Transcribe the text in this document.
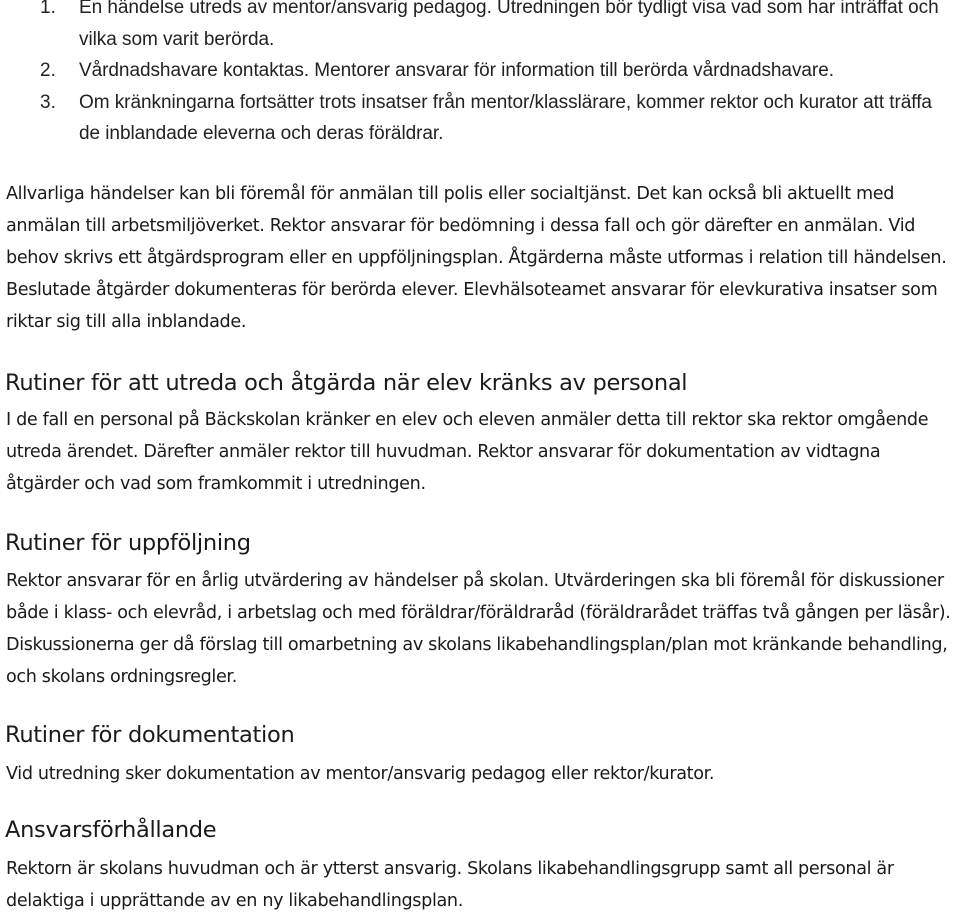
1. En händelse utreds av mentor/ansvarig pedagog. Utredningen bör tydligt visa vad som har inträffat och vilka som varit berörda.
2. Vårdnadshavare kontaktas. Mentorer ansvarar för information till berörda vårdnadshavare.
3. Om kränkningarna fortsätter trots insatser från mentor/klasslärare, kommer rektor och kurator att träffa de inblandade eleverna och deras föräldrar.

Allvarliga händelser kan bli föremål för anmälan till polis eller socialtjänst. Det kan också bli aktuellt med anmälan till arbetsmiljöverket. Rektor ansvarar för bedömning i dessa fall och gör därefter en anmälan. Vid behov skrivs ett åtgärdsprogram eller en uppföljningsplan. Åtgärderna måste utformas i relation till händelsen. Beslutade åtgärder dokumenteras för berörda elever. Elevhälsoteamet ansvarar för elevkurativa insatser som riktar sig till alla inblandade.

Rutiner för att utreda och åtgärda när elev kränks av personal

I de fall en personal på Bäckskolan kränker en elev och eleven anmäler detta till rektor ska rektor omgående utreda ärendet. Därefter anmäler rektor till huvudman. Rektor ansvarar för dokumentation av vidtagna åtgärder och vad som framkommit i utredningen.

Rutiner för uppföljning

Rektor ansvarar för en årlig utvärdering av händelser på skolan. Utvärderingen ska bli föremål för diskussioner både i klass- och elevråd, i arbetslag och med föräldrar/föräldraråd (föräldrarådet träffas två gången per läsår). Diskussionerna ger då förslag till omarbetning av skolans likabehandlingsplan/plan mot kränkande behandling, och skolans ordningsregler.

Rutiner för dokumentation

Vid utredning sker dokumentation av mentor/ansvarig pedagog eller rektor/kurator.

Ansvarsförhållande

Rektorn är skolans huvudman och är ytterst ansvarig. Skolans likabehandlingsgrupp samt all personal är delaktiga i upprättande av en ny likabehandlingsplan.
